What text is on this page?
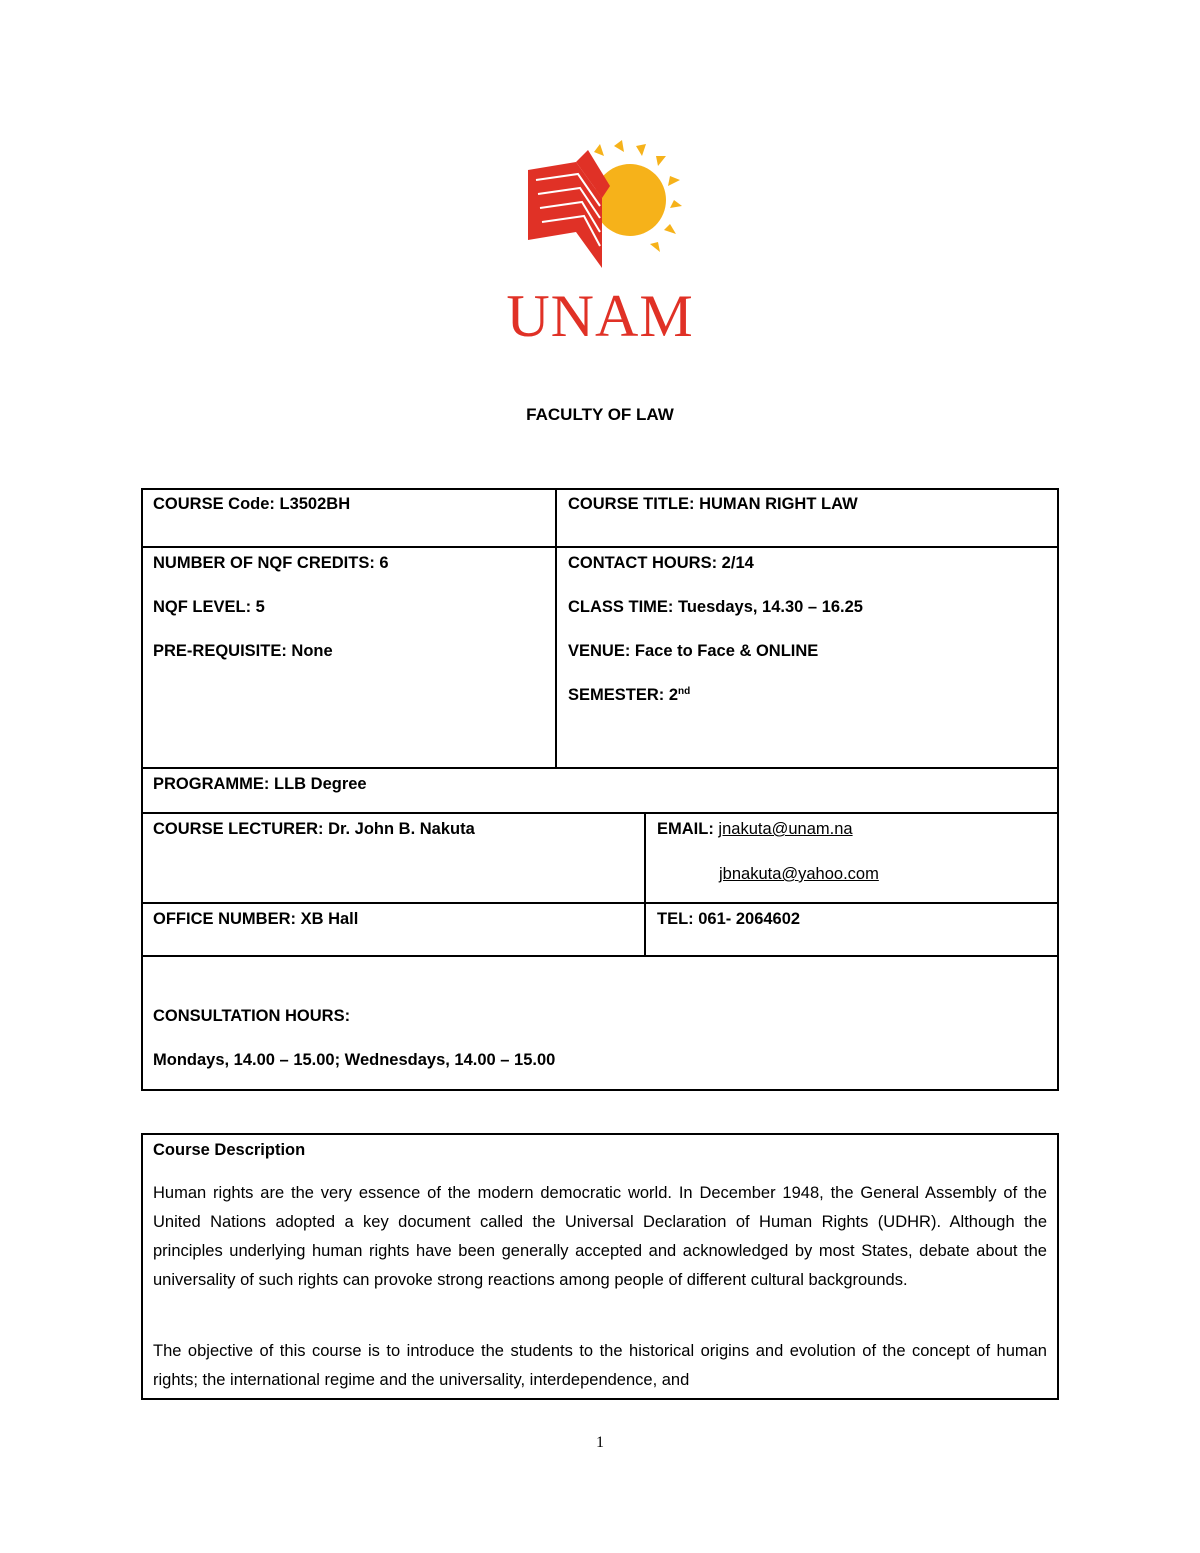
UNAM
FACULTY OF LAW
COURSE Code: L3502BH	COURSE TITLE: HUMAN RIGHT LAW
NUMBER OF NQF CREDITS: 6
NQF LEVEL: 5
PRE-REQUISITE: None
CONTACT HOURS: 2/14
CLASS TIME: Tuesdays, 14.30 – 16.25
VENUE: Face to Face & ONLINE
SEMESTER: 2nd
PROGRAMME: LLB Degree
COURSE LECTURER: Dr. John B. Nakuta	EMAIL: jnakuta@unam.na
jbnakuta@yahoo.com
OFFICE NUMBER: XB Hall	TEL: 061- 2064602
CONSULTATION HOURS:
Mondays, 14.00 – 15.00; Wednesdays, 14.00 – 15.00
Course Description

Human rights are the very essence of the modern democratic world. In December 1948, the General Assembly of the United Nations adopted a key document called the Universal Declaration of Human Rights (UDHR). Although the principles underlying human rights have been generally accepted and acknowledged by most States, debate about the universality of such rights can provoke strong reactions among people of different cultural backgrounds.

The objective of this course is to introduce the students to the historical origins and evolution of the concept of human rights; the international regime and the universality, interdependence, and

1
